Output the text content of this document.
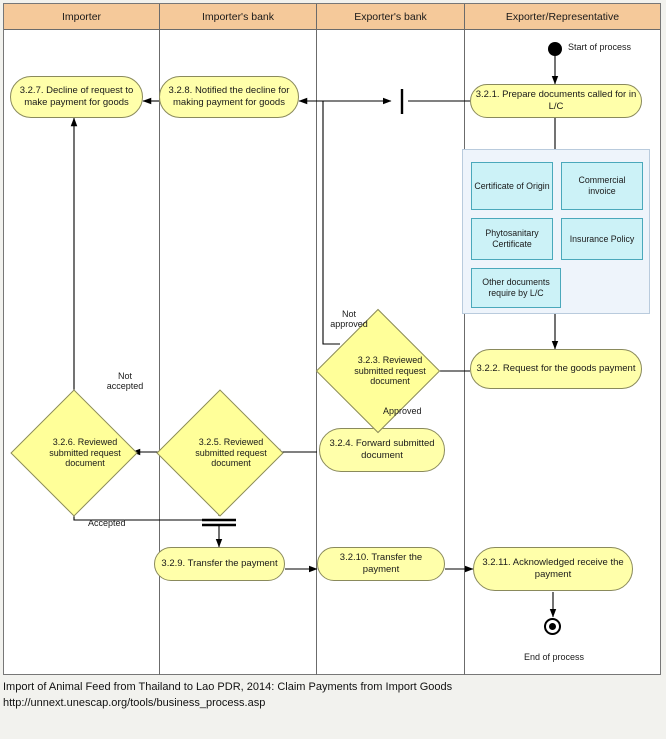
Importer	Importer's bank	Exporter's bank	Exporter/Representative
Start of process
End of process
3.2.7. Decline of request to make payment for goods
3.2.8. Notified the decline for making payment for goods
3.2.1. Prepare documents called for in L/C
3.2.2. Request for the goods payment
3.2.4. Forward submitted document
3.2.9. Transfer the payment
3.2.10. Transfer the payment
3.2.11. Acknowledged receive the payment
3.2.3. Reviewed submitted request document
3.2.5. Reviewed submitted request document
3.2.6. Reviewed submitted request document
Certificate of Origin
Commercial invoice
Phytosanitary Certificate
Insurance Policy
Other documents require by L/C
Not approved
Approved
Not accepted
Accepted
Import of Animal Feed from Thailand to Lao PDR, 2014: Claim Payments from Import Goods
http://unnext.unescap.org/tools/business_process.asp
